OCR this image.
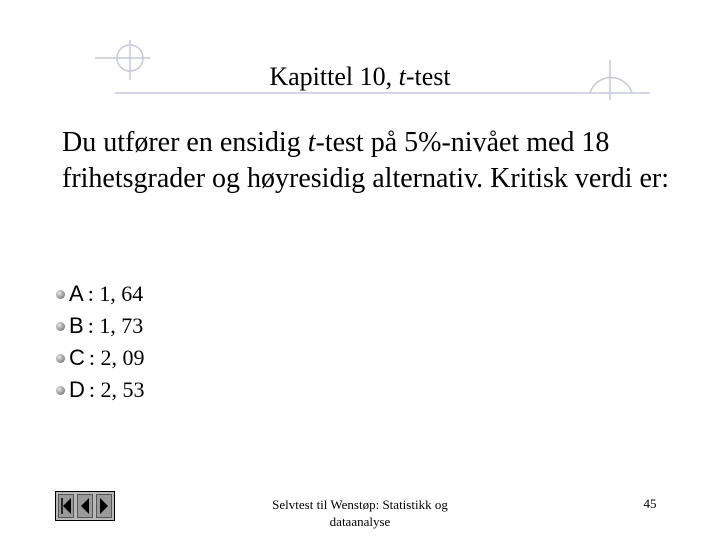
Kapittel 10, t-test
Du utfører en ensidig t-test på 5%-nivået med 18 frihetsgrader og høyresidig alternativ. Kritisk verdi er:
A : 1, 64
B : 1, 73
C : 2, 09
D : 2, 53
Selvtest til Wenstøp: Statistikk og dataanalyse
45
